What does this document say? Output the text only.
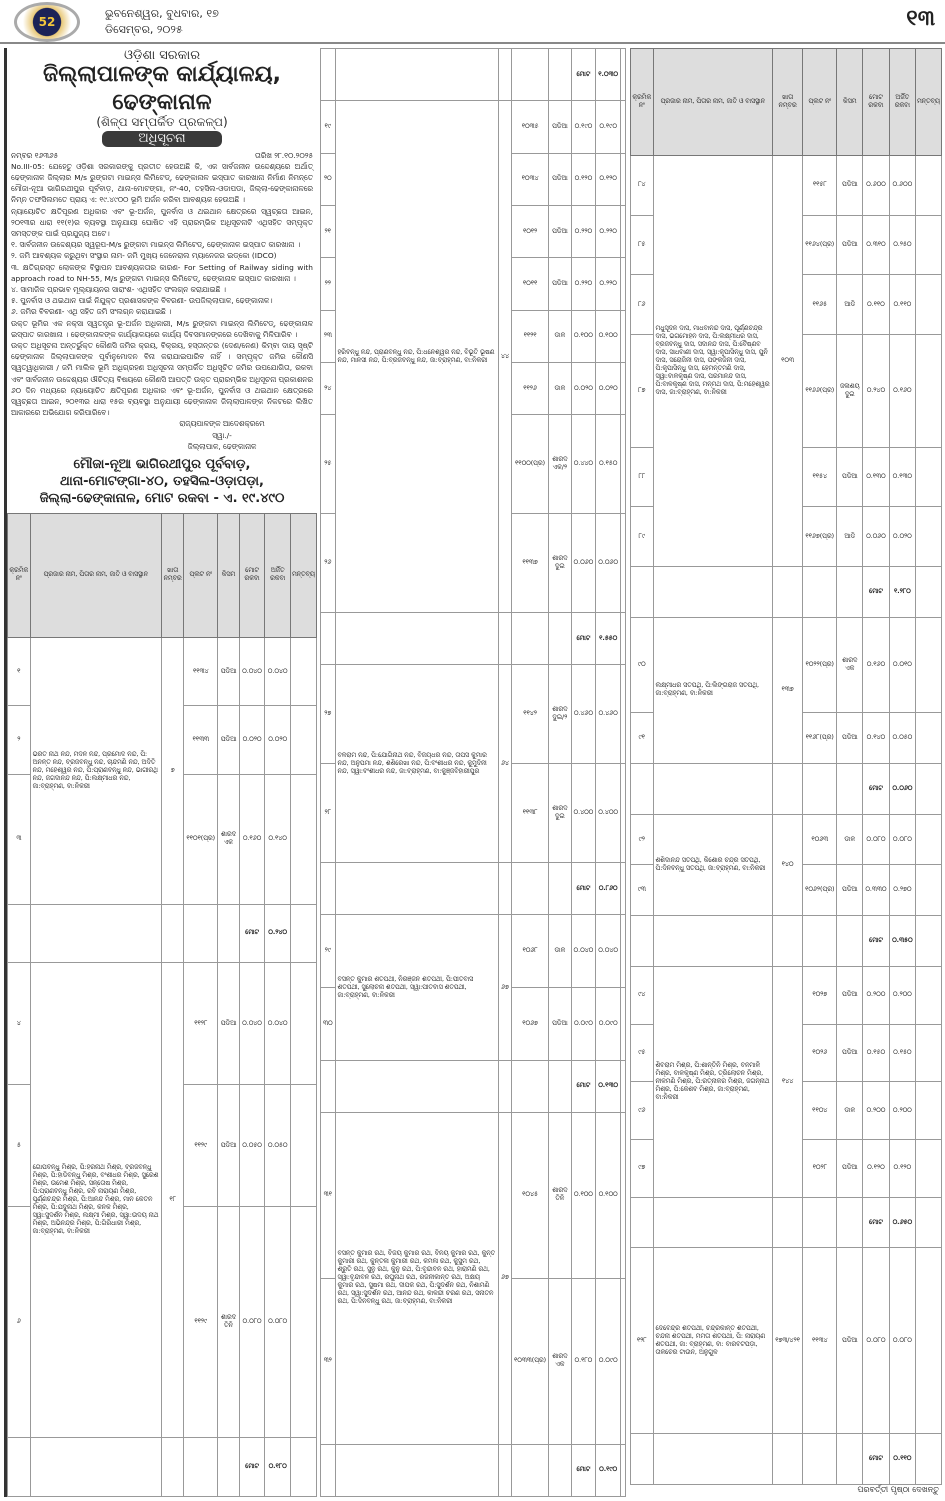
52
ଭୁବନେଶ୍ୱର, ବୁଧବାର, ୧୭
ଡିସେମ୍ବର, ୨୦୨୫	୧୩
ଓଡ଼ିଶା ସରକାର
ଜିଲ୍ଲାପାଳଙ୍କ କାର୍ଯ୍ୟାଳୟ, ଢେଙ୍କାନାଳ
(ଶିଳ୍ପ ସମ୍ପର୍କିତ ପ୍ରକଳ୍ପ)
ଅଧିସୂଚନା
ନମ୍ବର ୧୬୩୬୫	ତାରିଖ ୨୮.୧୦.୨୦୨୫
No.III-05: ଯେହେତୁ ଓଡ଼ିଶା ସରକାରଙ୍କୁ ପ୍ରତୀତ ହେଉଅଛି କି, ଏକ ସାର୍ବଜନୀନ ଉଦ୍ଦେଶ୍ୟରେ ଅର୍ଥାତ୍ ଢେଙ୍କାନାଳ ଜିଲ୍ଲାର M/s ରୁଙ୍ଗଟା ମାଇନ୍ସ ଲିମିଟେଡ୍, ଢେଙ୍କାନାଳ ଇସ୍ପାତ କାରଖାନା ନିର୍ମାଣ ନିମନ୍ତେ ମୌଜା-ନୂଆ ଭାଗିରଥୀପୁର ପୂର୍ବବାଡ଼, ଥାନା-ମୋଟଙ୍ଗା, ନଂ-40, ତହସିଲ-ଓଡାପଡା, ଜିଲ୍ଲା-ଢେଙ୍କାନାଳରେ ନିମ୍ନ ତଫସିଲମତେ ପ୍ରାୟ ଏ: ୧୯.୪୯୦୦ ଭୂମି ଅର୍ଜନ କରିବା ଆବଶ୍ୟକ ହେଉଅଛି ।
ନ୍ୟାୟୋଚିତ କ୍ଷତିପୂରଣ ଅଧିକାର ଏବଂ ଭୂ-ଅର୍ଜନ, ପୁନର୍ବାସ ଓ ଥଇଥାନ କ୍ଷେତ୍ରରେ ସ୍ୱଚ୍ଛତା ଆଇନ, ୨୦୧୩ର ଧାରା ୧୧(୧)ର ବ୍ୟବସ୍ଥା ଅନୁଯାୟୀ ଘୋଷିତ ଏହି ପ୍ରାରମ୍ଭିକ ଅଧିସୂଚନାଟି ଏଥିସହିତ ସମ୍ପୃକ୍ତ ସମସ୍ତଙ୍କ ପାଇଁ ପ୍ରଯୁଜ୍ୟ ଅଟେ।
୧. ସାର୍ବଜନୀନ ଉଦ୍ଦେଶ୍ୟର ସ୍ୱରୂପ-M/s ରୁଙ୍ଗଟା ମାଇନ୍ସ ଲିମିଟେଡ୍, ଢେଙ୍କାନାଳ ଇସ୍ପାତ କାରଖାନା ।
୨. ଜମି ଆବଶ୍ୟକ କରୁଥିବା ସଂସ୍ଥାର ନାମ- ଜମି ମୁଖ୍ୟ ଜେନେରାଲ ମ୍ୟାନେଜର ଇଡ୍‌କୋ (IDCO)
୩. କ୍ଷତିଗ୍ରସ୍ତ ଲୋକଙ୍କ ବିସ୍ଥାପନ ଆବଶ୍ୟକତାର କାରଣ- For Setting of Railway siding with approach road to NH-55, M/s ରୁଙ୍ଗଟା ମାଇନ୍ସ ଲିମିଟେଡ୍, ଢେଙ୍କାନାଳ ଇସ୍ପାତ କାରଖାନା ।
୪. ସାମାଜିକ ପ୍ରଭାବ ମୂଲ୍ୟାୟନର ସାରାଂଶ- ଏଥିସହିତ ସଂଲଗ୍ନ କରାଯାଇଛି ।
୫. ପୁନର୍ବାସ ଓ ଥଇଥାନ ପାଇଁ ନିଯୁକ୍ତ ପ୍ରଶାସକଙ୍କ ବିବରଣୀ- ଉପଜିଲ୍ଲାପାଳ, ଢେଙ୍କାନାଳ।
୬. ଜମିର ବିବରଣୀ- ଏଥି ସହିତ ଜମି ସଂଲଗ୍ନ କରାଯାଇଛି ।
ଉକ୍ତ ଭୂମିର ଏକ ନକ୍ସା ସ୍ୱତନ୍ତ୍ର ଭୂ-ଅର୍ଜନ ଅଧିକାରୀ, M/s ରୁଙ୍ଗଟା ମାଇନ୍ସ ଲିମିଟେଡ୍, ଢେଙ୍କାନାଳ ଇସ୍ପାତ କାରଖାନା । ଢେଙ୍କାନାଳଙ୍କ କାର୍ଯ୍ୟାଳୟରେ କାର୍ଯ୍ୟ ଦିବସମାନଙ୍କରେ ଦେଖିବାକୁ ମିଳିପାରିବ ।
ଉକ୍ତ ଅଧିସୂଚନା ଅନ୍ତର୍ଭୁକ୍ତ କୌଣସି ଜମିର କ୍ରୟ, ବିକ୍ରୟ, ହସ୍ତାନ୍ତର (ଦେଣ/ନେଣ) କିମ୍ବା ଦାୟ ସୃଷ୍ଟି ଢେଙ୍କାନାଳ ଜିଲ୍ଲାପାଳଙ୍କ ପୂର୍ବାନୁମୋଦନ ବିନା କରାଯାଇପାରିବ ନାହିଁ । ସମ୍ପୃକ୍ତ ଜମିର କୌଣସି ସ୍ୱତ୍ୱାଧିକାରୀ / ଜମି ମାଲିକ ଭୂମି ଅଧିଗ୍ରହଣ ଅଧିସୂଚନା ସମ୍ପର୍କିତ ଅଧିସୂଚିତ ଜମିର ଉପଯୋଗିତା, ରକବା ଏବଂ ସାର୍ବଜନୀନ ଉଦ୍ଦେଶ୍ୟର ଔଚିତ୍ୟ ବିଷୟରେ କୌଣସି ଆପତ୍ତି ଉକ୍ତ ପ୍ରାରମ୍ଭିକ ଅଧିସୂଚନା ପ୍ରକାଶନର ୬୦ ଦିନ ମଧ୍ୟରେ ନ୍ୟାୟୋଚିତ କ୍ଷତିପୂରଣ ଅଧିକାର ଏବଂ ଭୂ-ଅର୍ଜନ, ପୁନର୍ବାସ ଓ ଥଇଥାନ କ୍ଷେତ୍ରରେ ସ୍ୱଚ୍ଛତା ଆଇନ, ୨୦୧୩ର ଧାରା ୧୫ର ବ୍ୟବସ୍ଥା ଅନୁଯାୟୀ ଢେଙ୍କାନାଳ ଜିଲ୍ଲାପାଳଙ୍କ ନିକଟରେ ଲିଖିତ ଆକାରରେ ଅଭିଯୋଗ କରିପାରିବେ।
ରାଜ୍ୟପାଳଙ୍କ ଆଦେଶକ୍ରମେ
ସ୍ୱା./-
ଜିଲ୍ଲାପାଳ, ଢେଙ୍କାନାଳ
ମୌଜା-ନୂଆ ଭାଗିରଥୀପୁର ପୂର୍ବବାଡ଼,
ଥାନା-ମୋଟଙ୍ଗା-୪୦, ତହସିଲ-ଓଡ଼ାପଡ଼ା,
ଜିଲ୍ଲା-ଢେଙ୍କାନାଳ, ମୋଟ ରକବା - ଏ. ୧୯.୪୯୦
କ୍ରମିକ ନଂ	ପ୍ରଜାର ନାମ, ପିତାର ନାମ, ଜାତି ଓ ବାସସ୍ଥାନ	ଖାତା ନମ୍ବର	ପ୍ଲଟ ନଂ	କିସମ	ମୋଟ ରକବା	ଅର୍ଜିତ ରକବା	ମନ୍ତବ୍ୟ
୧	ଭରତ ନାଥ ନନ୍ଦ, ମଦନ ନନ୍ଦ, ପ୍ରମୋଦ ନନ୍ଦ, ପି: ଅନନ୍ତ ନନ୍ଦ, ବ୍ରଜବନ୍ଧୁ ନନ୍ଦ, ଚାନ୍ଦମଣି ନନ୍ଦ, ଅଦିତି ନନ୍ଦ, ମହେଶ୍ୱର ନନ୍ଦ, ପି:ପ୍ରାଣବନ୍ଧୁ ନନ୍ଦ, ଭାଗୀରଥି ନନ୍ଦ, ଜଗଦାନନ୍ଦ ନନ୍ଦ, ପି:ଲକ୍ଷ୍ମୀଧର ନନ୍ଦ, ଜା:ବ୍ରାହ୍ମଣ, ବା:ନିକରୀ	୭	୧୧୩୪	ପଡିଆ	୦.୦୪୦	୦.୦୪୦	
୨			୧୧୩୩	ପଡିଆ	୦.୦୨୦	୦.୦୨୦	
୩			୧୧୦୧(ପ୍ର)	ଶାରଦ ଏକ	୦.୧୬୦	୦.୧୪୦	
					ମୋଟ	୦.୨୪୦	
୪	ଗୋପବନ୍ଧୁ ମିଶ୍ର, ପି:ହରନାଥ ମିଶ୍ର, ବ୍ରଜବନ୍ଧୁ ମିଶ୍ର, ପି:ହାଡିବନ୍ଧୁ ମିଶ୍ର, ବଂଶୀଧର ମିଶ୍ର, ସୁରେଶ ମିଶ୍ର, ଉମେଶ ମିଶ୍ର, ସନ୍ତୋଷ ମିଶ୍ର, ପି:ପ୍ରାଣବନ୍ଧୁ ମିଶ୍ର, ରବି ନାରାୟଣ ମିଶ୍ର, ପୂର୍ଣ୍ଣଚନ୍ଦ୍ର ମିଶ୍ର, ପି:ଆନନ୍ଦ ମିଶ୍ର, ମାନ କେତନ ମିଶ୍ର, ପି:ଯଦୁନାଥ ମିଶ୍ର, କନକ ମିଶ୍ର, ସ୍ୱା:ସୁଦର୍ଶନ ମିଶ୍ର, ଲକ୍ଷ୍ମୀ ମିଶ୍ର, ସ୍ୱା:ଉଦୟ ନାଥ ମିଶ୍ର, ଅଭିନନ୍ଦ୍ର ମିଶ୍ର, ପି:ଗିରିଧାରୀ ମିଶ୍ର, ଜା:ବ୍ରାହ୍ମଣ, ବା:ନିକରୀ	୧୮	୧୧୨୮	ପଡିଆ	୦.୦୪୦	୦.୦୪୦	
୫			୧୧୨୯	ପଡିଆ	୦.୦୫୦	୦.୦୫୦	
୬			୧୧୨୯	ଶାରଦ ତିନି	୦.୦୮୦	୦.୦୮୦	
					ମୋଟ	୦.୧୮୦	
					ମୋଟ	୧.୦୩୦	
୧୯	ହରିବନ୍ଧୁ ନନ୍ଦ, ପ୍ରାଣବନ୍ଧୁ ନନ୍ଦ, ପି:ଧନେଶ୍ୱର ନନ୍ଦ, ବିଭୂତି ଭୂଷଣ ନନ୍ଦ, ମାନସୀ ନନ୍ଦ, ପି:ବ୍ରଜବନ୍ଧୁ ନନ୍ଦ, ଜା:ବ୍ରାହ୍ମଣ, ବା:ନିକରୀ	୪୪	୧୦୩୫	ପଡିଆ	୦.୧୯୦	୦.୧୯୦	
୨୦			୧୦୩୪	ପଡିଆ	୦.୧୨୦	୦.୧୨୦	
୨୧			୧୦୧୨	ପଡିଆ	୦.୨୨୦	୦.୨୨୦	
୨୨			୧୦୧୧	ପଡିଆ	୦.୨୨୦	୦.୨୨୦	
୨୩			୧୧୨୧	ଡାଳ	୦.୧୦୦	୦.୧୦୦	
୨୪			୧୧୨୬	ଡାଳ	୦.୦୨୦	୦.୦୨୦	
୨୫			୧୧୦୦(ପ୍ର)	ଶାରଦ ଏକ/୨	୦.୪୪୦	୦.୧୫୦	
୨୬			୧୧୩୭	ଶାରଦ ଦୁଇ	୦.୦୬୦	୦.୦୬୦	
					ମୋଟ	୧.୫୫୦	
୨୭	ବଳରାମ ନନ୍ଦ, ପି:ଯୋଗିନାଥ ନନ୍ଦ, ବିଜୟଧର ନନ୍ଦ, ତାପସ କୁମାର ନନ୍ଦ, ଅନୁପମା ନନ୍ଦ, ଶଶିରେଖା ନନ୍ଦ, ପି:ବଂଶୀଧର ନନ୍ଦ, କୁମୁଦିନୀ ନନ୍ଦ, ସ୍ୱା:ବଂଶୀଧର ନନ୍ଦ, ଜା:ବ୍ରାହ୍ମଣ, ବା:କୁଞ୍ଜବିହାରୀପୁର	୬୪	୧୧୪୨	ଶାରଦ ଦୁଇ/୨	୦.୪୬୦	୦.୪୬୦	
୨୮			୧୧୩୮	ଶାରଦ ଦୁଇ	୦.୪୦୦	୦.୪୦୦	
					ମୋଟ	୦.୮୬୦	
୨୯	ବସନ୍ତ କୁମାର ଶତପଥୀ, ନିରଞ୍ଜନ ଶତପଥୀ, ପି:ପୀତବାସ ଶତପଥୀ, ସୁଲୋଚନା ଶତପଥୀ, ସ୍ୱା:ପୀତବାସ ଶତପଥୀ, ଜା:ବ୍ରାହ୍ମଣ, ବା:ନିକରୀ	୬୭	୧୦୬୮	ଡାଳ	୦.୦୪୦	୦.୦୪୦	
୩୦			୧୦୬୭	ପଡିଆ	୦.୦୯୦	୦.୦୯୦	
					ମୋଟ	୦.୧୩୦	
୩୧	ବସନ୍ତ କୁମାର ରଥ, ବିଜୟ କୁମାର ରଥ, ବିନୟ କୁମାର ରଥ, କୁନ୍ତ କୁମାରୀ ରଥ, କୁନ୍ତଳା କୁମାରୀ ରଥ, କମଳା ରଥ, କୁସୁମ ରଥ, ଶ୍ରୁତି ରଥ, ସୁନୁ ରଥ, କୁନୁ ରଥ, ପି:ବୃନ୍ଦାବନ ରଥ, ହାରାମଣି ରଥ, ସ୍ୱା:ବୃନ୍ଦାବନ ରଥ, ରଘୁନାଥ ରଥ, ରଜନୀକାନ୍ତ ରଥ, ଅକ୍ଷୟ କୁମାର ରଥ, ସୁଷମା ରଥ, ଦୀପକ ରଥ, ପି:ସୁଦର୍ଶନ ରଥ, ନିଶାମଣି ରଥ, ସ୍ୱା:ସୁଦର୍ଶନ ରଥ, ଆନନ୍ଦ ରଥ, କାଳନ୍ଦୀ ଚରଣ ରଥ, ସନାତନ ରଥ, ପି:ଦିନବନ୍ଧୁ ରଥ, ଜା:ବ୍ରାହ୍ମଣ, ବା:ନିକରୀ	୬୭	୧୦୪୫	ଶାରଦ ତିନି	୦.୧୦୦	୦.୧୦୦	
୩୨			୧୦୩୩(ପ୍ର)	ଶାରଦ ଏକ	୦.୧୮୦	୦.୦୯୦	
					ମୋଟ	୦.୧୯୦	
କ୍ରମିକ ନଂ	ପ୍ରଜାର ନାମ, ପିତାର ନାମ, ଜାତି ଓ ବାସସ୍ଥାନ	ଖାତା ନମ୍ବର	ପ୍ଲଟ ନଂ	କିସମ	ମୋଟ ରକବା	ଅର୍ଜିତ ରକବା	ମନ୍ତବ୍ୟ
୮୪	ମଧୁସୂଦନ ଦାସ, ମାଧବାନନ୍ଦ ଦାସ, ପୂର୍ଣ୍ଣଚନ୍ଦ୍ର ଦାସ, ଭଗମୋହନ ଦାସ, ପି:ଲକ୍ଷ୍ମୀଧର ଦାସ, ବ୍ରଜବନ୍ଧୁ ଦାସ, ସଦାନନ୍ଦ ଦାସ, ପି:ବୈଷ୍ଣବ ଦାସ, ସାଧବାଣୀ ଦାସ, ସ୍ୱା:କୃପାସିନ୍ଧୁ ଦାସ, ପୁନି ଦାସ, ସରୋଜିନୀ ଦାସ, ପଙ୍କଜିନୀ ଦାସ, ପି:କୃପାସିନ୍ଧୁ ଦାସ, ହେମନ୍ତମଣି ଦାସ, ସ୍ୱା:ବାଳକୃଷ୍ଣ ଦାସ, ପରମାନନ୍ଦ ଦାସ, ପି:ବାଳକୃଷ୍ଣ ଦାସ, ମନ୍ମଥ ଦାସ, ପି:ମହେଶ୍ୱର ଦାସ, ଜା:ବ୍ରାହ୍ମଣ, ବା:ନିକରୀ	୧୦୩	୧୧୫୮	ପଡିଆ	୦.୬୦୦	୦.୬୦୦	
୮୫			୧୧୬୪(ପ୍ର)	ପଡିଆ	୦.୩୧୦	୦.୨୫୦	
୮୬			୧୧୬୫	ଆଡି	୦.୧୧୦	୦.୧୧୦	
୮୭			୧୧୬୬(ପ୍ର)	ଜଳାଶୟ ଦୁଇ	୦.୨୪୦	୦.୧୬୦	
୮୮			୧୧୫୪	ପଡିଆ	୦.୧୩୦	୦.୧୩୦	
୮୯			୧୧୬୭(ପ୍ର)	ଆଡି	୦.୦୬୦	୦.୦୨୦	
					ମୋଟ	୧.୨୮୦	
୯୦	ଲକ୍ଷ୍ମୀଧର ସତପଥି, ପି:ଲିଙ୍ଗରାଜ ସତପଥି, ଜା:ବ୍ରାହ୍ମଣ, ବା:ନିକରୀ	୧୩୭	୧୦୨୨(ପ୍ର)	ଶାରଦ ଏକ	୦.୧୬୦	୦.୦୧୦	
୯୧			୧୧୬୮(ପ୍ର)	ପଡିଆ	୦.୧୪୦	୦.୦୫୦	
					ମୋଟ	୦.୦୬୦	
୯୨	ଶଶିଦାନନ୍ଦ ସତପଥି, କିଶୋର ଚନ୍ଦ୍ର ସତପଥି, ପି:ଦିନବନ୍ଧୁ ସତପଥି, ଜା:ବ୍ରାହ୍ମଣ, ବା:ନିକରୀ	୧୪୦	୧୦୬୩	ଡାଳ	୦.୦୮୦	୦.୦୮୦	
୯୩			୧୦୬୨(ପ୍ର)	ପଡିଆ	୦.୩୩୦	୦.୨୭୦	
					ମୋଟ	୦.୩୫୦	
୯୪	ଶିବରାମ ମିଶ୍ର, ପି:ଶାନ୍ତିନି ମିଶ୍ର, ବନମାଳି ମିଶ୍ର, ବାଳକୃଷ୍ଣ ମିଶ୍ର, ତ୍ରିଲୋଚନ ମିଶ୍ର, ନୀଳମଣି ମିଶ୍ର, ପି:ରତ୍ନାକର ମିଶ୍ର, ଜଗନ୍ନାଥ ମିଶ୍ର, ପି:କେଶବ ମିଶ୍ର, ଜା:ବ୍ରାହ୍ମଣ, ବା:ନିକରୀ	୧୪୪	୧୦୨୭	ପଡିଆ	୦.୨୦୦	୦.୨୦୦	
୯୫			୧୦୨୬	ପଡିଆ	୦.୧୫୦	୦.୧୫୦	
୯୬			୧୧୦୪	ଡାଳ	୦.୨୦୦	୦.୨୦୦	
୯୭			୧୦୨୮	ପଡିଆ	୦.୧୨୦	୦.୧୨୦	
					ମୋଟ	୦.୬୫୦	
୧୨୮	ଦେବେନ୍ଦ୍ର ଶତପଥୀ, ଚନ୍ଦ୍ରକାନ୍ତ ଶତପଥୀ, ଚନ୍ଦନା ଶତପଥୀ, ମମତା ଶତପଥୀ, ପି: ନାରାୟଣ ଶତପଥୀ, ଜା: ବ୍ରାହ୍ମଣ, ବା: ବାରବଟପଡ଼ା, ତାଳଚେର ଟାଉନ, ଅନୁଗୁଳ	୧୭୩/୪୨୧	୧୧୩୪	ପଡିଆ	୦.୦୮୦	୦.୦୮୦	
					ମୋଟ	୦.୧୧୦	
ପରବର୍ତ୍ତୀ ପୃଷ୍ଠା ଦେଖନ୍ତୁ
